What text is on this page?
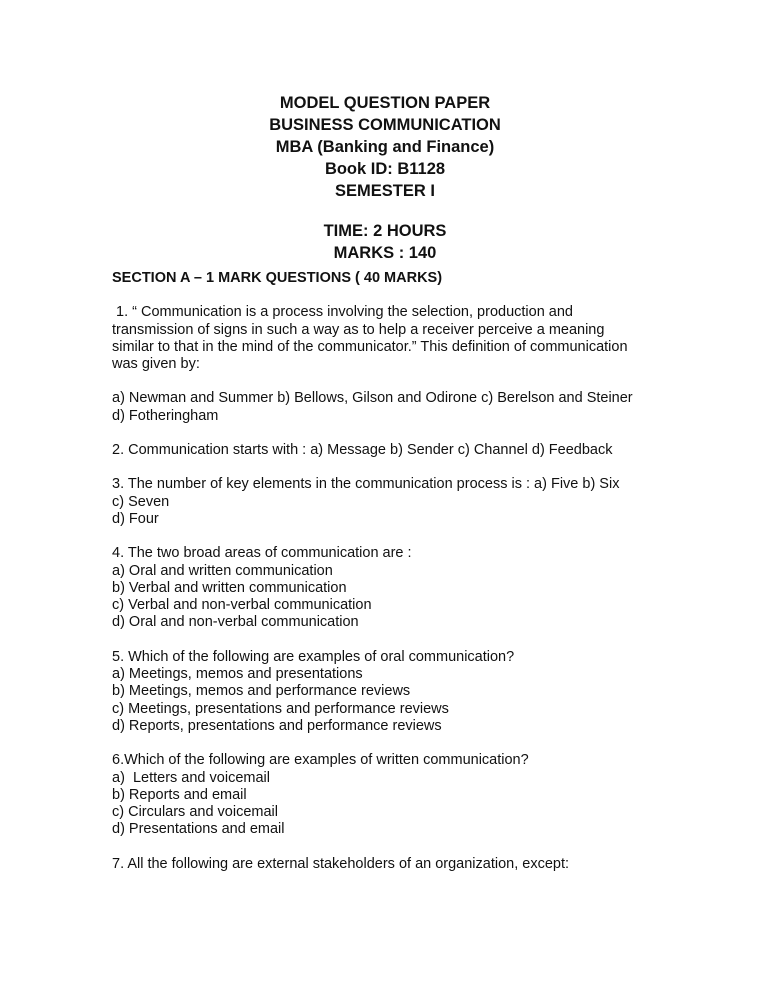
MODEL QUESTION PAPER
BUSINESS COMMUNICATION
MBA (Banking and Finance)
Book ID: B1128
SEMESTER I
TIME: 2 HOURS
MARKS : 140
SECTION A – 1 MARK QUESTIONS ( 40 MARKS)
1. “ Communication is a process involving the selection, production and
transmission of signs in such a way as to help a receiver perceive a meaning
similar to that in the mind of the communicator.” This definition of communication
was given by:
a) Newman and Summer b) Bellows, Gilson and Odirone c) Berelson and Steiner
d) Fotheringham
2. Communication starts with : a) Message b) Sender c) Channel d) Feedback
3. The number of key elements in the communication process is : a) Five b) Six
c) Seven
d) Four
4. The two broad areas of communication are :
a) Oral and written communication
b) Verbal and written communication
c) Verbal and non-verbal communication
d) Oral and non-verbal communication
5. Which of the following are examples of oral communication?
a) Meetings, memos and presentations
b) Meetings, memos and performance reviews
c) Meetings, presentations and performance reviews
d) Reports, presentations and performance reviews
6.Which of the following are examples of written communication?
a)  Letters and voicemail
b) Reports and email
c) Circulars and voicemail
d) Presentations and email
7. All the following are external stakeholders of an organization, except:
